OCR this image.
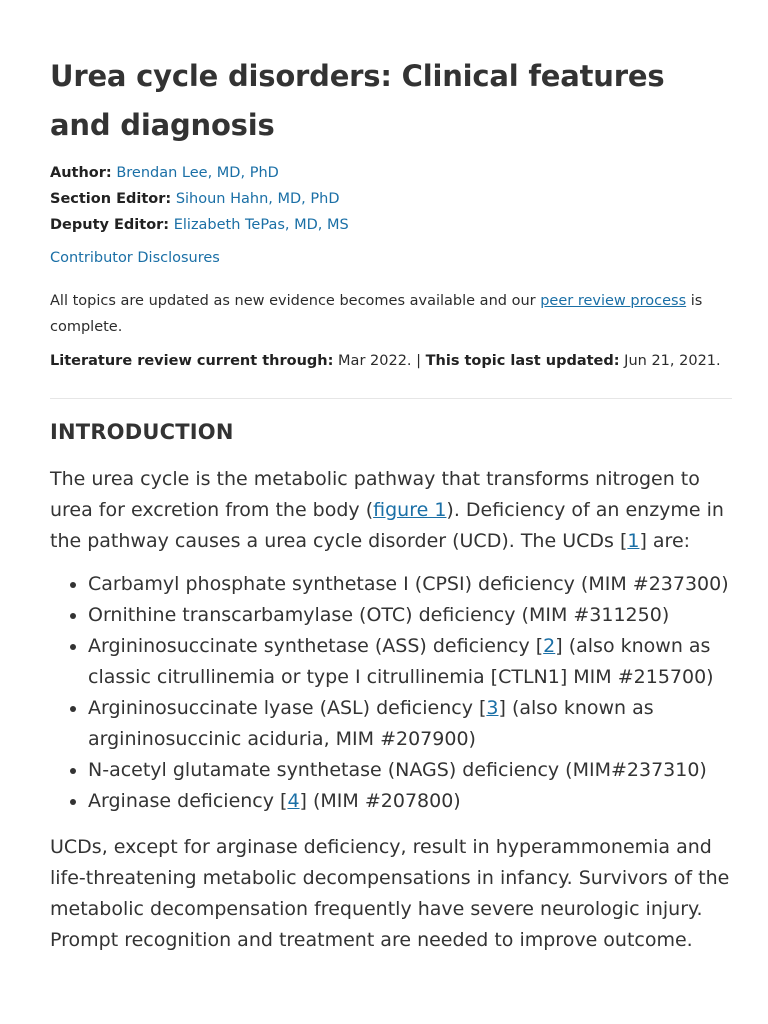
Urea cycle disorders: Clinical features and diagnosis
Author: Brendan Lee, MD, PhD
Section Editor: Sihoun Hahn, MD, PhD
Deputy Editor: Elizabeth TePas, MD, MS
Contributor Disclosures
All topics are updated as new evidence becomes available and our peer review process is complete.
Literature review current through: Mar 2022. | This topic last updated: Jun 21, 2021.
INTRODUCTION
The urea cycle is the metabolic pathway that transforms nitrogen to urea for excretion from the body (figure 1). Deficiency of an enzyme in the pathway causes a urea cycle disorder (UCD). The UCDs [1] are:
• Carbamyl phosphate synthetase I (CPSI) deficiency (MIM #237300)
• Ornithine transcarbamylase (OTC) deficiency (MIM #311250)
• Argininosuccinate synthetase (ASS) deficiency [2] (also known as classic citrullinemia or type I citrullinemia [CTLN1] MIM #215700)
• Argininosuccinate lyase (ASL) deficiency [3] (also known as argininosuccinic aciduria, MIM #207900)
• N-acetyl glutamate synthetase (NAGS) deficiency (MIM#237310)
• Arginase deficiency [4] (MIM #207800)
UCDs, except for arginase deficiency, result in hyperammonemia and life-threatening metabolic decompensations in infancy. Survivors of the metabolic decompensation frequently have severe neurologic injury. Prompt recognition and treatment are needed to improve outcome.
